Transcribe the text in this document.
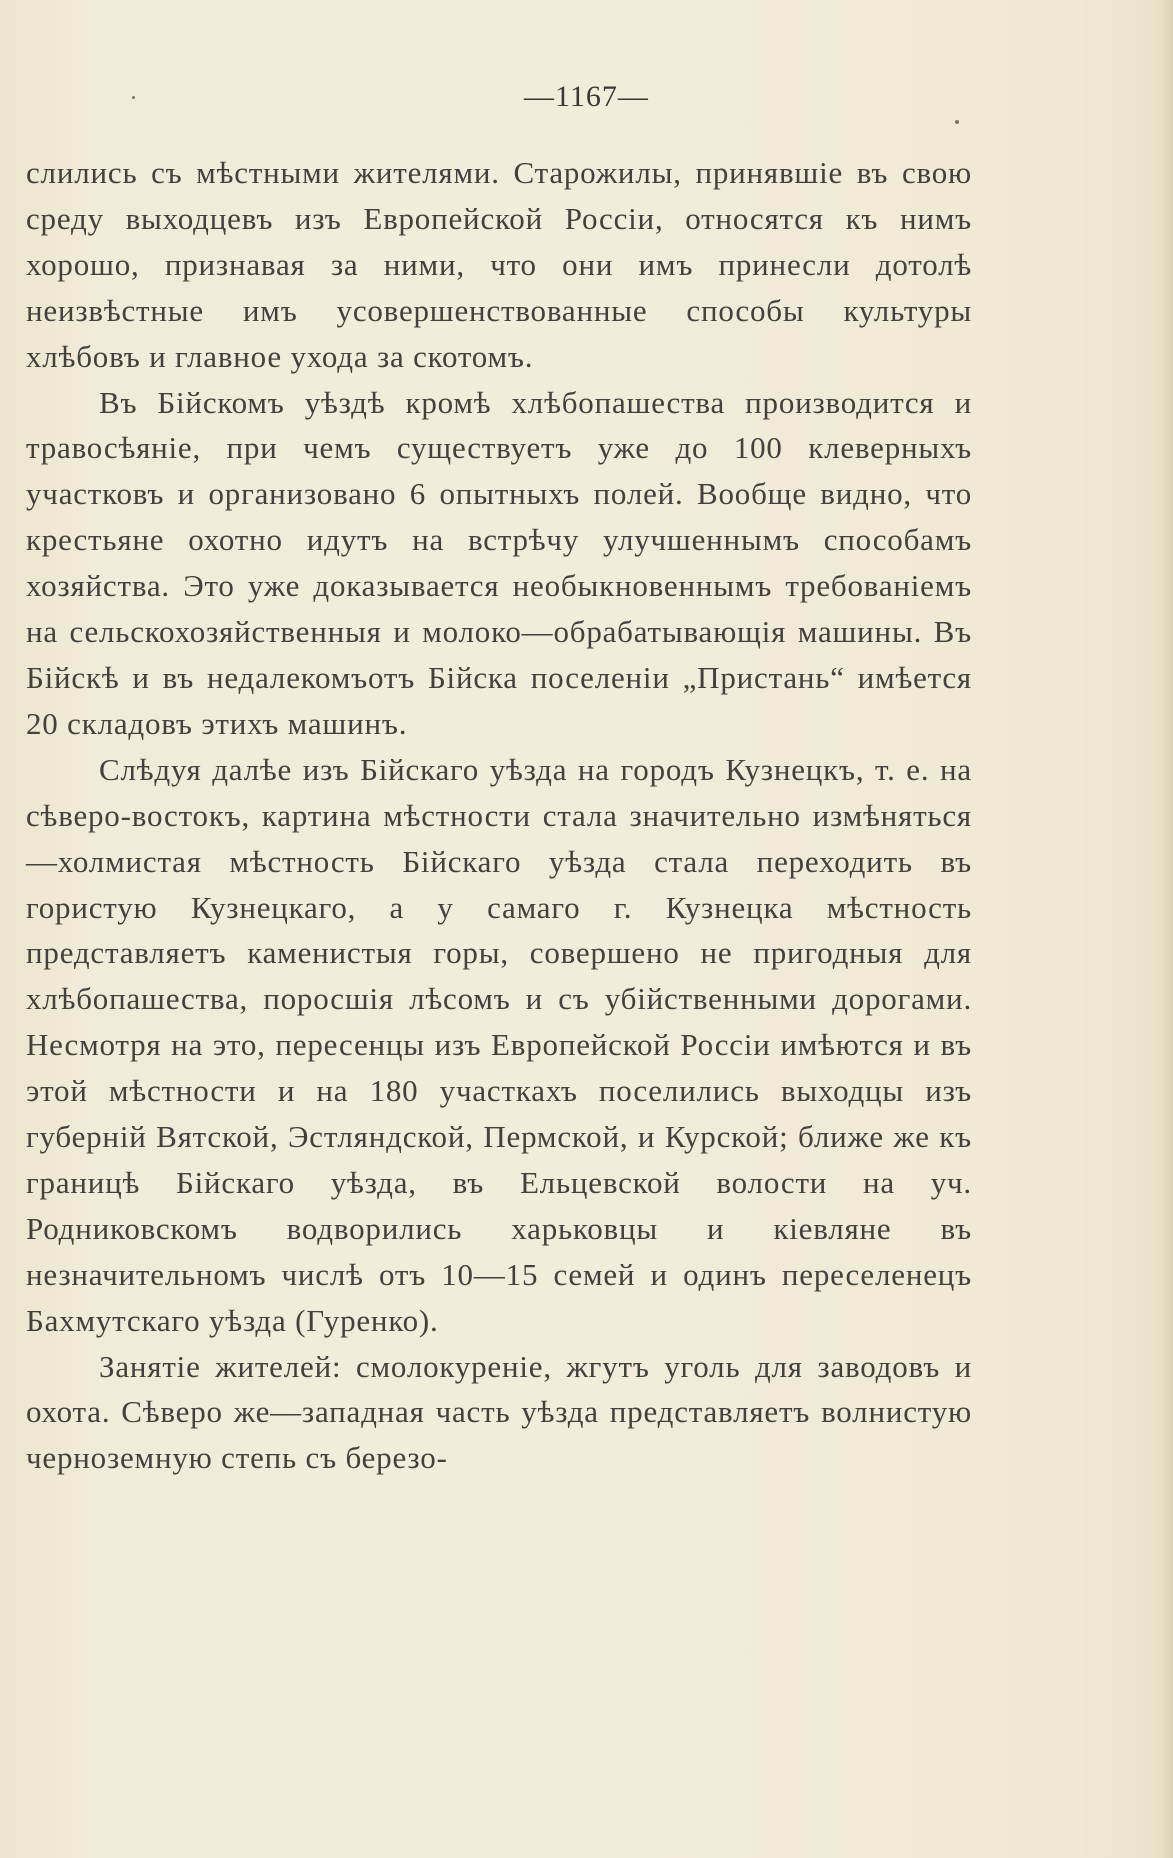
—1167—

слились съ мѣстными жителями. Старожилы, принявшіе въ свою среду выходцевъ изъ Европейской Россіи, относятся къ нимъ хорошо, признавая за ними, что они имъ принесли дотолѣ неизвѣстные имъ усовершенствованные способы культуры хлѣбовъ и главное ухода за скотомъ.

Въ Бійскомъ уѣздѣ кромѣ хлѣбопашества производится и травосѣяніе, при чемъ существуетъ уже до 100 клеверныхъ участковъ и организовано 6 опытныхъ полей. Вообще видно, что крестьяне охотно идутъ на встрѣчу улучшеннымъ способамъ хозяйства. Это уже доказывается необыкновеннымъ требованіемъ на сельскохозяйственныя и молоко—обрабатывающія машины. Въ Бійскѣ и въ недалекомъотъ Бійска поселеніи „Пристань“ имѣется 20 складовъ этихъ машинъ.

Слѣдуя далѣе изъ Бійскаго уѣзда на городъ Кузнецкъ, т. е. на сѣверо-востокъ, картина мѣстности стала значительно измѣняться—холмистая мѣстность Бійскаго уѣзда стала переходить въ гористую Кузнецкаго, а у самаго г. Кузнецка мѣстность представляетъ каменистыя горы, совершено не пригодныя для хлѣбопашества, поросшія лѣсомъ и съ убійственными дорогами. Несмотря на это, пересенцы изъ Европейской Россіи имѣются и въ этой мѣстности и на 180 участкахъ поселились выходцы изъ губерній Вятской, Эстляндской, Пермской, и Курской; ближе же къ границѣ Бійскаго уѣзда, въ Ельцевской волости на уч. Родниковскомъ водворились харьковцы и кіевляне въ незначительномъ числѣ отъ 10—15 семей и одинъ переселенецъ Бахмутскаго уѣзда (Гуренко).

Занятіе жителей: смолокуреніе, жгутъ уголь для заводовъ и охота. Сѣверо же—западная часть уѣзда представляетъ волнистую черноземную степь съ березо-
